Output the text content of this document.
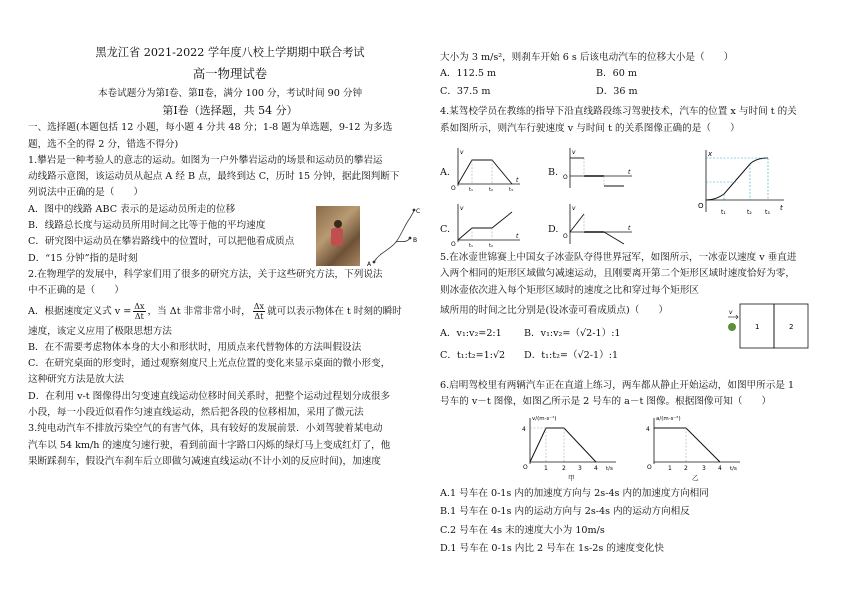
黑龙江省 2021-2022 学年度八校上学期期中联合考试
高一物理试卷
本卷试题分为第Ⅰ卷、第Ⅱ卷，满分 100 分，考试时间 90 分钟
第Ⅰ卷（选择题，共 54 分）
一、选择题(本题包括 12 小题，每小题 4 分共 48 分；1-8 题为单选题，9-12 为多选
题，选不全的得 2 分，错选不得分)
1.攀岩是一种考验人的意志的运动。如图为一户外攀岩运动的场景和运动员的攀岩运
动线路示意图，该运动员从起点 A 经 B 点，最终到达 C，历时 15 分钟，据此图判断下
列说法中正确的是（　　）
A．图中的线路 ABC 表示的是运动员所走的位移
B．线路总长度与运动员所用时间之比等于他的平均速度
C．研究图中运动员在攀岩路线中的位置时，可以把他看成质点
D．“15 分钟”指的是时刻
2.在物理学的发展中，科学家们用了很多的研究方法，关于这些研究方法，下列说法
中不正确的是（　　）
A．根据速度定义式 $v = \frac{\Delta x}{\Delta t}$ ，当 Δt 非常非常小时， $\frac{\Delta x}{\Delta t}$ 就可以表示物体在 t 时刻的瞬时
速度，该定义应用了极限思想方法
B．在不需要考虑物体本身的大小和形状时，用质点来代替物体的方法叫假设法
C．在研究桌面的形变时，通过观察刻度尺上光点位置的变化来显示桌面的微小形变，
这种研究方法是放大法
D．在利用 v-t 图像得出匀变速直线运动位移时间关系时，把整个运动过程划分成很多
小段，每一小段近似看作匀速直线运动，然后把各段的位移相加，采用了微元法
3.纯电动汽车不排放污染空气的有害气体，具有较好的发展前景．小刘驾驶着某电动
汽车以 54 km/h 的速度匀速行驶，看到前面十字路口闪烁的绿灯马上变成红灯了，他
果断踩刹车，假设汽车刹车后立即做匀减速直线运动(不计小刘的反应时间)，加速度
C
B
A
大小为 3 m/s²，则刹车开始 6 s 后该电动汽车的位移大小是（　　）
A．112.5 m	B．60 m
C．37.5 m	D．36 m
4.某驾校学员在教练的指导下沿直线路段练习驾驶技术，汽车的位置 x 与时间 t 的关
系如图所示，则汽车行驶速度 v 与时间 t 的关系图像正确的是（　　）
A.
v
t
O	t₁	t₂	t₃
B.
v
t
O
x
t
O
t₁	t₂ t₃
C.
v
t
O	t₁	t₂
D.
v
t
O
5.在冰壶世锦赛上中国女子冰壶队夺得世界冠军，如图所示，一冰壶以速度 v 垂直进
入两个相同的矩形区域做匀减速运动，且刚要离开第二个矩形区域时速度恰好为零，
则冰壶依次进入每个矩形区域时的速度之比和穿过每个矩形区
域所用的时间之比分别是(设冰壶可看成质点)（　　）
A．v₁:v₂=2:1 B．v₁:v₂=（√2-1）:1
C．t₁:t₂=1:√2 D．t₁:t₂=（√2-1）:1
v
1	2
6.启明驾校里有两辆汽车正在直道上练习，两车都从静止开始运动，如图甲所示是 1
号车的 v－t 图像，如图乙所示是 2 号车的 a－t 图像。根据图像可知（　　）
v/(m·s⁻¹)
4
O	1 2 3 4 t/s
甲
a/(m·s⁻²)
4
O	1 2 3 4 t/s
乙
A.1 号车在 0-1s 内的加速度方向与 2s-4s 内的加速度方向相同
B.1 号车在 0-1s 内的运动方向与 2s-4s 内的运动方向相反
C.2 号车在 4s 末的速度大小为 10m/s
D.1 号车在 0-1s 内比 2 号车在 1s-2s 的速度变化快
